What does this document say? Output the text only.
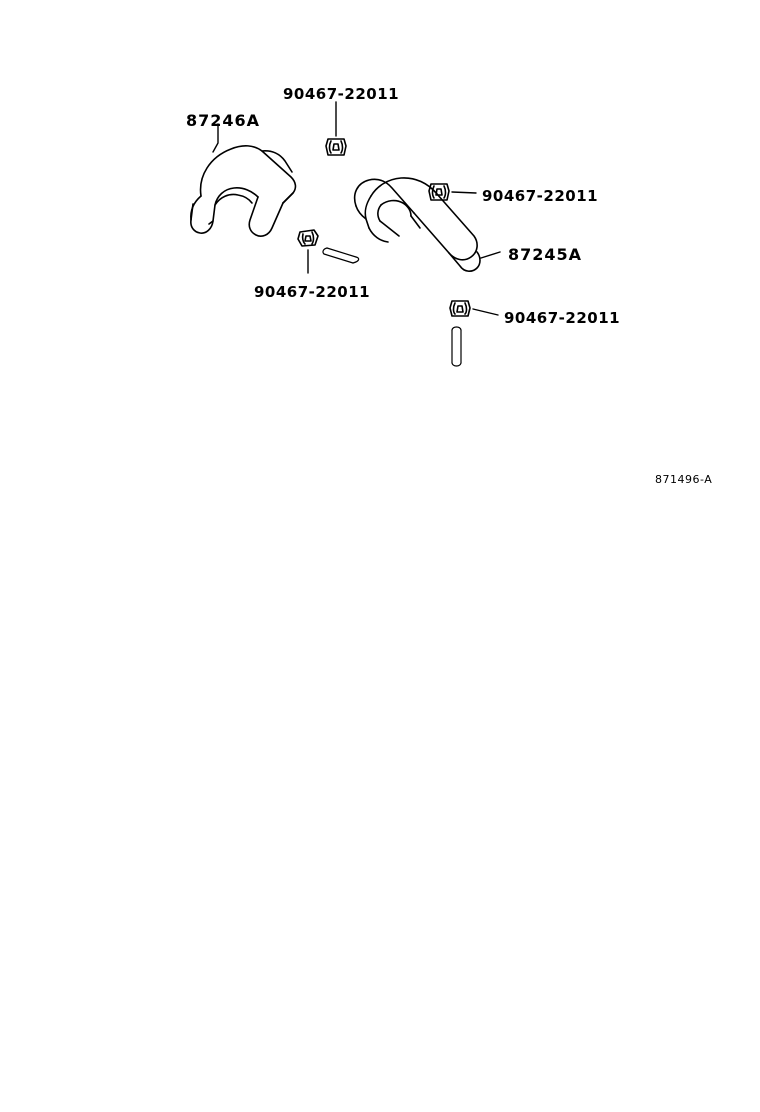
90467-22011
87246A
90467-22011
87245A
90467-22011
90467-22011
871496-A
